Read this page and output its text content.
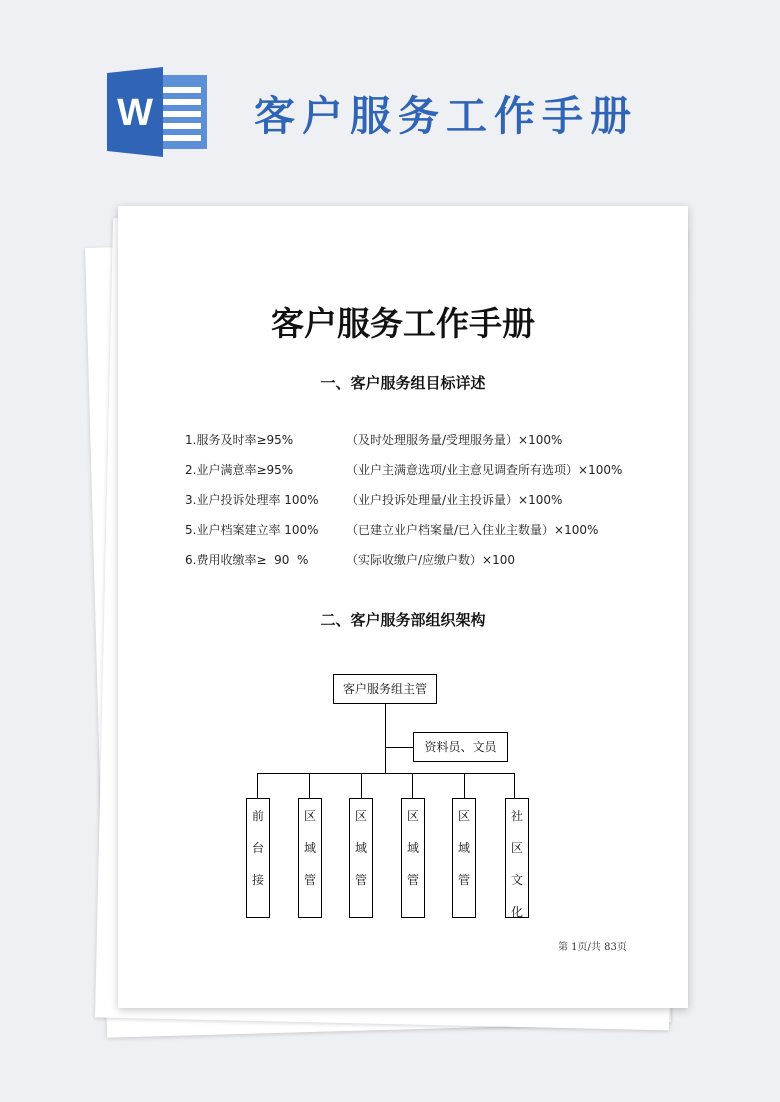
W 客户服务工作手册
客户服务工作手册
一、客户服务组目标详述
1.服务及时率≥95%	（及时处理服务量/受理服务量）×100%
2.业户满意率≥95%	（业户主满意选项/业主意见调查所有选项）×100%
3.业户投诉处理率 100% （业户投诉处理量/业主投诉量）×100%
5.业户档案建立率 100% （已建立业户档案量/已入住业主数量）×100%
6.费用收缴率≥  90  %	（实际收缴户/应缴户数）×100
二、客户服务部组织架构
客户服务组主管
资料员、文员
前
台
接
区
域
管
区
域
管
区
域
管
区
域
管
社
区
文
化
第 1页/共 83页
